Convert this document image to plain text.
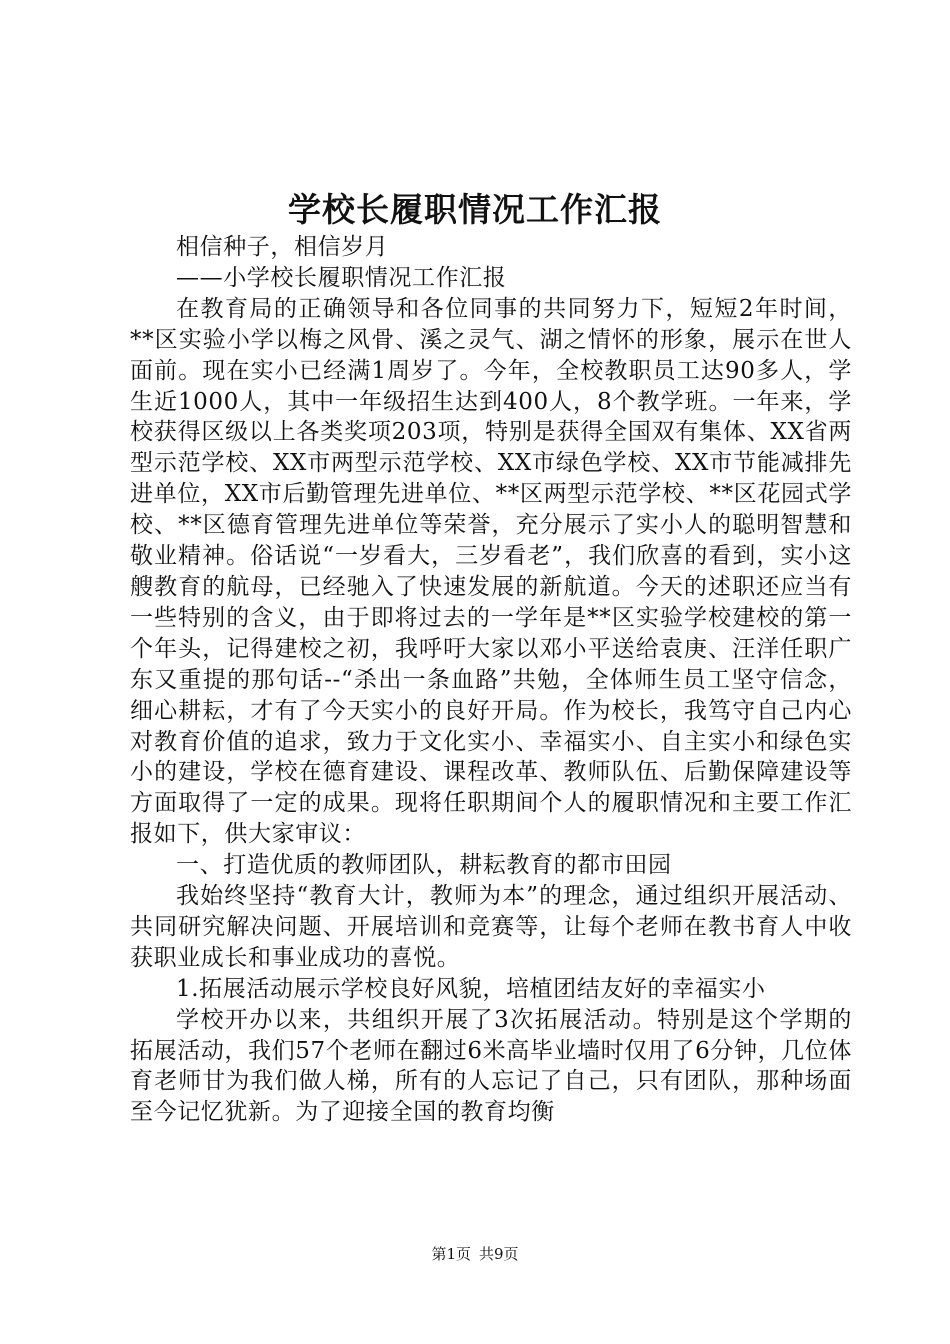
学校长履职情况工作汇报

相信种子，相信岁月

——小学校长履职情况工作汇报

在教育局的正确领导和各位同事的共同努力下，短短2年时间，**区实验小学以梅之风骨、溪之灵气、湖之情怀的形象，展示在世人面前。现在实小已经满1周岁了。今年，全校教职员工达90多人，学生近1000人，其中一年级招生达到400人，8个教学班。一年来，学校获得区级以上各类奖项203项，特别是获得全国双有集体、XX省两型示范学校、XX市两型示范学校、XX市绿色学校、XX市节能减排先进单位，XX市后勤管理先进单位、**区两型示范学校、**区花园式学校、**区德育管理先进单位等荣誉，充分展示了实小人的聪明智慧和敬业精神。俗话说“一岁看大，三岁看老”，我们欣喜的看到，实小这艘教育的航母，已经驰入了快速发展的新航道。今天的述职还应当有一些特别的含义，由于即将过去的一学年是**区实验学校建校的第一个年头，记得建校之初，我呼吁大家以邓小平送给袁庚、汪洋任职广东又重提的那句话--“杀出一条血路”共勉，全体师生员工坚守信念，细心耕耘，才有了今天实小的良好开局。作为校长，我笃守自己内心对教育价值的追求，致力于文化实小、幸福实小、自主实小和绿色实小的建设，学校在德育建设、课程改革、教师队伍、后勤保障建设等方面取得了一定的成果。现将任职期间个人的履职情况和主要工作汇报如下，供大家审议：

一、打造优质的教师团队，耕耘教育的都市田园

我始终坚持“教育大计，教师为本”的理念，通过组织开展活动、共同研究解决问题、开展培训和竞赛等，让每个老师在教书育人中收获职业成长和事业成功的喜悦。

1.拓展活动展示学校良好风貌，培植团结友好的幸福实小

学校开办以来，共组织开展了3次拓展活动。特别是这个学期的拓展活动，我们57个老师在翻过6米高毕业墙时仅用了6分钟，几位体育老师甘为我们做人梯，所有的人忘记了自己，只有团队，那种场面至今记忆犹新。为了迎接全国的教育均衡

第1页 共9页
